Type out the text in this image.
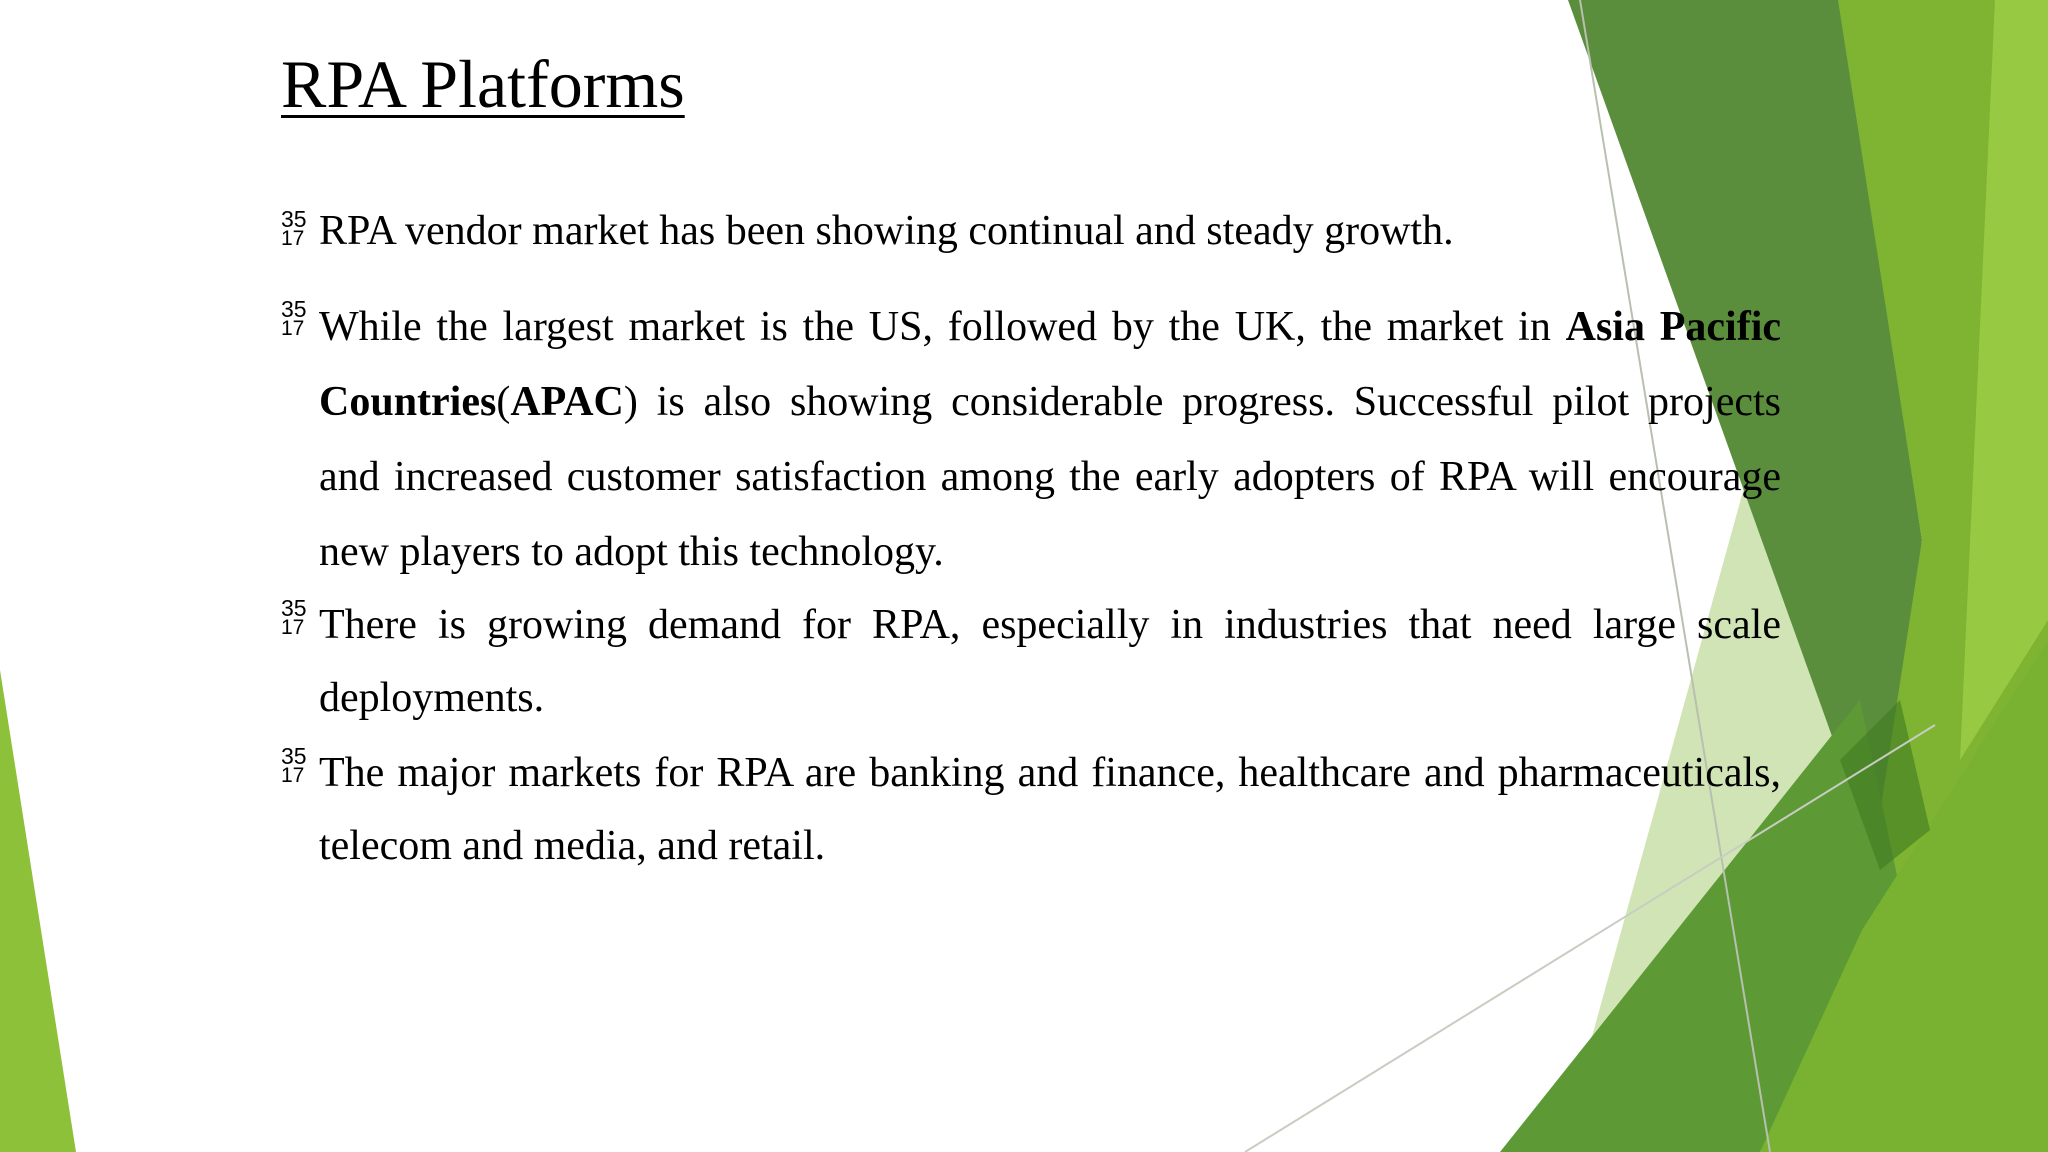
RPA Platforms
35
17 RPA vendor market has been showing continual and steady growth.
35
17 While the largest market is the US, followed by the UK, the market in Asia Pacific Countries(APAC) is also showing considerable progress. Successful pilot projects and increased customer satisfaction among the early adopters of RPA will encourage new players to adopt this technology.
35
17 There is growing demand for RPA, especially in industries that need large scale deployments.
35
17 The major markets for RPA are banking and finance, healthcare and pharmaceuticals, telecom and media, and retail.
